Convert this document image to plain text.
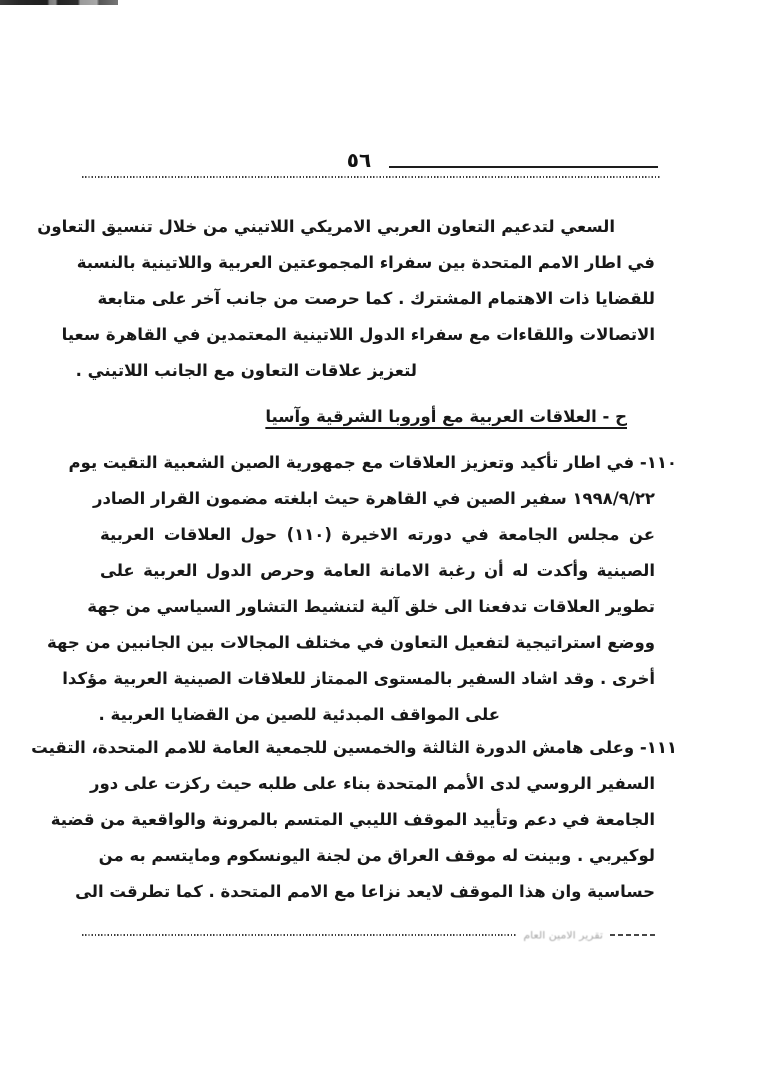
٥٦
السعي لتدعيم التعاون العربي الامريكي اللاتيني من خلال تنسيق التعاون
في اطار الامم المتحدة بين سفراء المجموعتين العربية واللاتينية بالنسبة
للقضايا ذات الاهتمام المشترك . كما حرصت من جانب آخر على متابعة
الاتصالات واللقاءات مع سفراء الدول اللاتينية المعتمدين في القاهرة سعيا
لتعزيز علاقات التعاون مع الجانب اللاتيني .
ح - العلاقات العربية مع أوروبا الشرقية وآسيا
١١٠- في اطار تأكيد وتعزيز العلاقات مع جمهورية الصين الشعبية التقيت يوم
١٩٩٨/٩/٢٢ سفير الصين في القاهرة حيث ابلغته مضمون القرار الصادر
عن مجلس الجامعة في دورته الاخيرة (١١٠) حول العلاقات العربية
الصينية وأكدت له أن رغبة الامانة العامة وحرص الدول العربية على
تطوير العلاقات تدفعنا الى خلق آلية لتنشيط التشاور السياسي من جهة
ووضع استراتيجية لتفعيل التعاون في مختلف المجالات بين الجانبين من جهة
أخرى . وقد اشاد السفير بالمستوى الممتاز للعلاقات الصينية العربية مؤكدا
على المواقف المبدئية للصين من القضايا العربية .
١١١- وعلى هامش الدورة الثالثة والخمسين للجمعية العامة للامم المتحدة، التقيت
السفير الروسي لدى الأمم المتحدة بناء على طلبه حيث ركزت على دور
الجامعة في دعم وتأييد الموقف الليبي المتسم بالمرونة والواقعية من قضية
لوكيربي . وبينت له موقف العراق من لجنة اليونسكوم ومايتسم به من
حساسية وان هذا الموقف لايعد نزاعا مع الامم المتحدة . كما تطرقت الى
تقرير الامين العام
